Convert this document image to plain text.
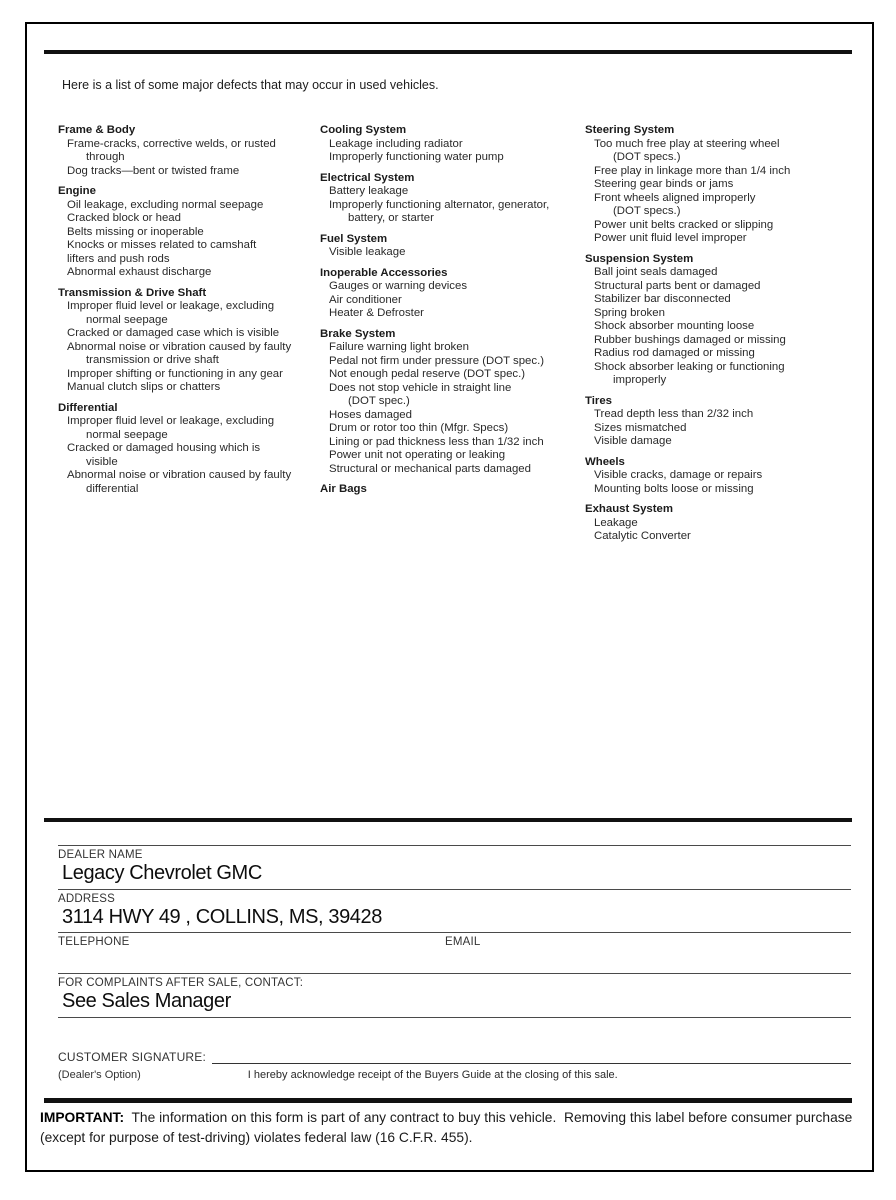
Here is a list of some major defects that may occur in used vehicles.

Frame & Body
Frame-cracks, corrective welds, or rusted
through
Dog tracks—bent or twisted frame
Engine
Oil leakage, excluding normal seepage
Cracked block or head
Belts missing or inoperable
Knocks or misses related to camshaft
lifters and push rods
Abnormal exhaust discharge
Transmission & Drive Shaft
Improper fluid level or leakage, excluding
normal seepage
Cracked or damaged case which is visible
Abnormal noise or vibration caused by faulty
transmission or drive shaft
Improper shifting or functioning in any gear
Manual clutch slips or chatters
Differential
Improper fluid level or leakage, excluding
normal seepage
Cracked or damaged housing which is
visible
Abnormal noise or vibration caused by faulty
differential
Cooling System
Leakage including radiator
Improperly functioning water pump
Electrical System
Battery leakage
Improperly functioning alternator, generator,
battery, or starter
Fuel System
Visible leakage
Inoperable Accessories
Gauges or warning devices
Air conditioner
Heater & Defroster
Brake System
Failure warning light broken
Pedal not firm under pressure (DOT spec.)
Not enough pedal reserve (DOT spec.)
Does not stop vehicle in straight line
(DOT spec.)
Hoses damaged
Drum or rotor too thin (Mfgr. Specs)
Lining or pad thickness less than 1/32 inch
Power unit not operating or leaking
Structural or mechanical parts damaged
Air Bags
Steering System
Too much free play at steering wheel
(DOT specs.)
Free play in linkage more than 1/4 inch
Steering gear binds or jams
Front wheels aligned improperly
(DOT specs.)
Power unit belts cracked or slipping
Power unit fluid level improper
Suspension System
Ball joint seals damaged
Structural parts bent or damaged
Stabilizer bar disconnected
Spring broken
Shock absorber mounting loose
Rubber bushings damaged or missing
Radius rod damaged or missing
Shock absorber leaking or functioning
improperly
Tires
Tread depth less than 2/32 inch
Sizes mismatched
Visible damage
Wheels
Visible cracks, damage or repairs
Mounting bolts loose or missing
Exhaust System
Leakage
Catalytic Converter
DEALER NAME
Legacy Chevrolet GMC
ADDRESS
3114 HWY 49 , COLLINS, MS, 39428
TELEPHONE	EMAIL
FOR COMPLAINTS AFTER SALE, CONTACT:
See Sales Manager
CUSTOMER SIGNATURE:
(Dealer's Option)	I hereby acknowledge receipt of the Buyers Guide at the closing of this sale.

IMPORTANT:  The information on this form is part of any contract to buy this vehicle.  Removing this label before consumer purchase (except for purpose of test-driving) violates federal law (16 C.F.R. 455).
